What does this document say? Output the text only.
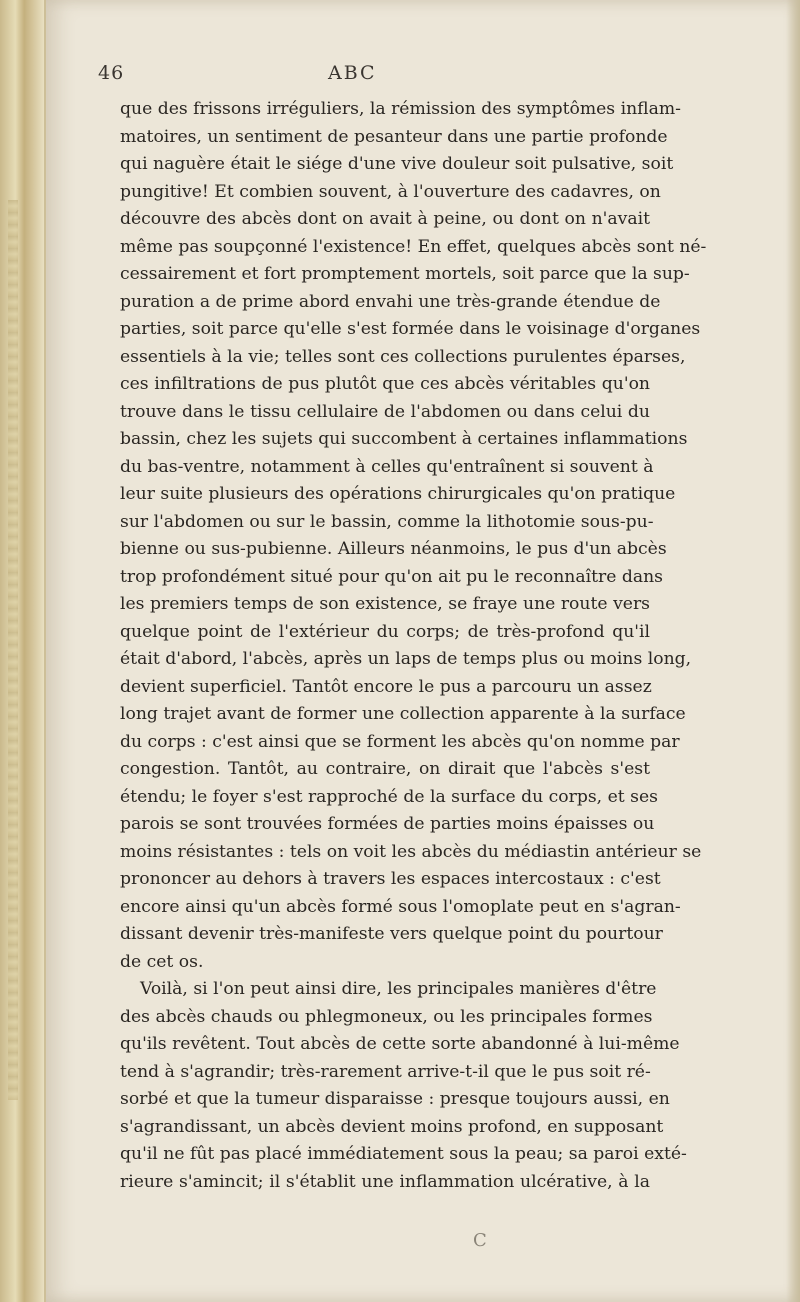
46	ABC
que des frissons irréguliers, la rémission des symptômes inflam-
matoires, un sentiment de pesanteur dans une partie profonde
qui naguère était le siége d'une vive douleur soit pulsative, soit
pungitive! Et combien souvent, à l'ouverture des cadavres, on
découvre des abcès dont on avait à peine, ou dont on n'avait
même pas soupçonné l'existence! En effet, quelques abcès sont né-
cessairement et fort promptement mortels, soit parce que la sup-
puration a de prime abord envahi une très-grande étendue de
parties, soit parce qu'elle s'est formée dans le voisinage d'organes
essentiels à la vie; telles sont ces collections purulentes éparses,
ces infiltrations de pus plutôt que ces abcès véritables qu'on
trouve dans le tissu cellulaire de l'abdomen ou dans celui du
bassin, chez les sujets qui succombent à certaines inflammations
du bas-ventre, notamment à celles qu'entraînent si souvent à
leur suite plusieurs des opérations chirurgicales qu'on pratique
sur l'abdomen ou sur le bassin, comme la lithotomie sous-pu-
bienne ou sus-pubienne. Ailleurs néanmoins, le pus d'un abcès
trop profondément situé pour qu'on ait pu le reconnaître dans
les premiers temps de son existence, se fraye une route vers
quelque point de l'extérieur du corps; de très-profond qu'il
était d'abord, l'abcès, après un laps de temps plus ou moins long,
devient superficiel. Tantôt encore le pus a parcouru un assez
long trajet avant de former une collection apparente à la surface
du corps : c'est ainsi que se forment les abcès qu'on nomme par
congestion. Tantôt, au contraire, on dirait que l'abcès s'est
étendu; le foyer s'est rapproché de la surface du corps, et ses
parois se sont trouvées formées de parties moins épaisses ou
moins résistantes : tels on voit les abcès du médiastin antérieur se
prononcer au dehors à travers les espaces intercostaux : c'est
encore ainsi qu'un abcès formé sous l'omoplate peut en s'agran-
dissant devenir très-manifeste vers quelque point du pourtour
de cet os.
Voilà, si l'on peut ainsi dire, les principales manières d'être
des abcès chauds ou phlegmoneux, ou les principales formes
qu'ils revêtent. Tout abcès de cette sorte abandonné à lui-même
tend à s'agrandir; très-rarement arrive-t-il que le pus soit ré-
sorbé et que la tumeur disparaisse : presque toujours aussi, en
s'agrandissant, un abcès devient moins profond, en supposant
qu'il ne fût pas placé immédiatement sous la peau; sa paroi exté-
rieure s'amincit; il s'établit une inflammation ulcérative, à la
C
